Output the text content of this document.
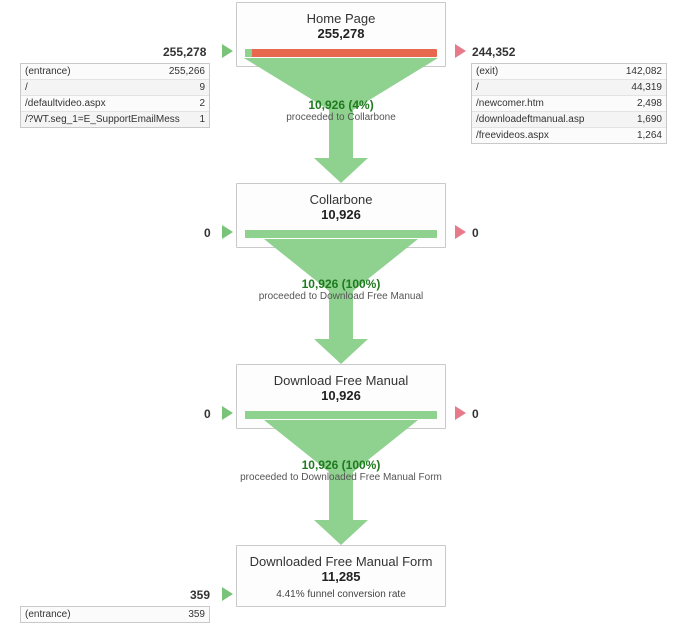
Home Page
255,278
255,278	244,352
(entrance)	255,266
/	9
/defaultvideo.aspx	2
/?WT.seg_1=E_SupportEmailMess	1
(exit)	142,082
/	44,319
/newcomer.htm	2,498
/downloadeftmanual.asp	1,690
/freevideos.aspx	1,264
10,926 (4%)
proceeded to Collarbone
Collarbone
10,926
0	0
10,926 (100%)
proceeded to Download Free Manual
Download Free Manual
10,926
0	0
10,926 (100%)
proceeded to Downloaded Free Manual Form
Downloaded Free Manual Form
11,285
4.41% funnel conversion rate
359
(entrance)	359
